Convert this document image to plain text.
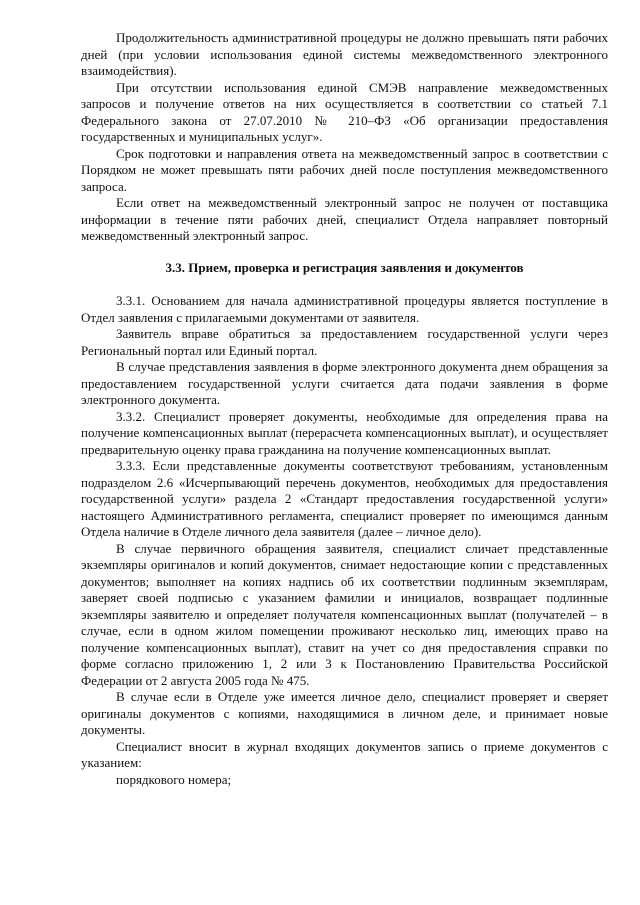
Продолжительность административной процедуры не должно превышать пяти рабочих дней (при условии использования единой системы межведомственного электронного взаимодействия).

При отсутствии использования единой СМЭВ направление межведомственных запросов и получение ответов на них осуществляется в соответствии со статьей 7.1 Федерального закона от 27.07.2010 № 210–ФЗ «Об организации предоставления государственных и муниципальных услуг».

Срок подготовки и направления ответа на межведомственный запрос в соответствии с Порядком не может превышать пяти рабочих дней после поступления межведомственного запроса.

Если ответ на межведомственный электронный запрос не получен от поставщика информации в течение пяти рабочих дней, специалист Отдела направляет повторный межведомственный электронный запрос.

3.3. Прием, проверка и регистрация заявления и документов

3.3.1. Основанием для начала административной процедуры является поступление в Отдел заявления с прилагаемыми документами от заявителя.

Заявитель вправе обратиться за предоставлением государственной услуги через Региональный портал или Единый портал.

В случае представления заявления в форме электронного документа днем обращения за предоставлением государственной услуги считается дата подачи заявления в форме электронного документа.

3.3.2. Специалист проверяет документы, необходимые для определения права на получение компенсационных выплат (перерасчета компенсационных выплат), и осуществляет предварительную оценку права гражданина на получение компенсационных выплат.

3.3.3. Если представленные документы соответствуют требованиям, установленным подразделом 2.6 «Исчерпывающий перечень документов, необходимых для предоставления государственной услуги» раздела 2 «Стандарт предоставления государственной услуги» настоящего Административного регламента, специалист проверяет по имеющимся данным Отдела наличие в Отделе личного дела заявителя (далее – личное дело).

В случае первичного обращения заявителя, специалист сличает представленные экземпляры оригиналов и копий документов, снимает недостающие копии с представленных документов; выполняет на копиях надпись об их соответствии подлинным экземплярам, заверяет своей подписью с указанием фамилии и инициалов, возвращает подлинные экземпляры заявителю и определяет получателя компенсационных выплат (получателей – в случае, если в одном жилом помещении проживают несколько лиц, имеющих право на получение компенсационных выплат), ставит на учет со дня предоставления справки по форме согласно приложению 1, 2 или 3 к Постановлению Правительства Российской Федерации от 2 августа 2005 года № 475.

В случае если в Отделе уже имеется личное дело, специалист проверяет и сверяет оригиналы документов с копиями, находящимися в личном деле, и принимает новые документы.

Специалист вносит в журнал входящих документов запись о приеме документов с указанием:

порядкового номера;
